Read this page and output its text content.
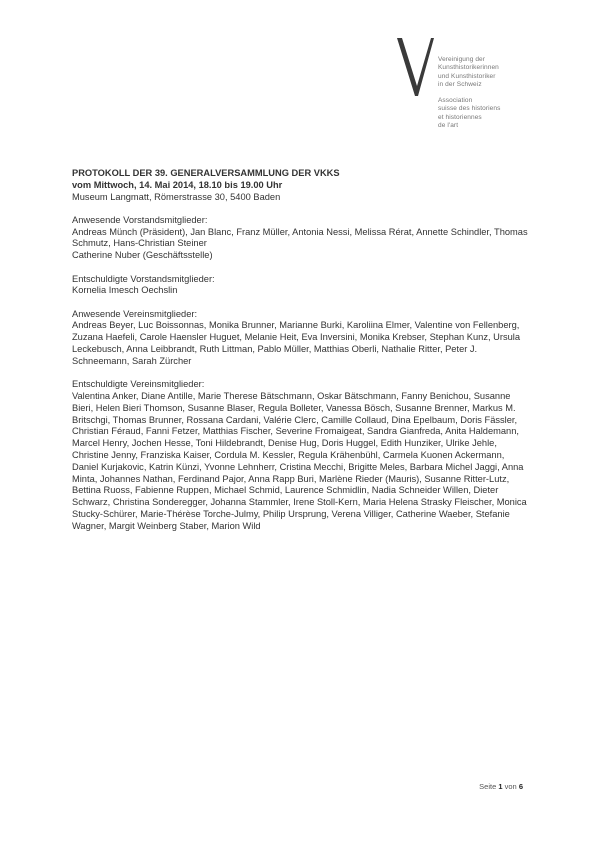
Vereinigung der
Kunsthistorikerinnen
und Kunsthistoriker
in der Schweiz
Association
suisse des historiens
et historiennes
de l'art
PROTOKOLL DER 39. GENERALVERSAMMLUNG DER VKKS
vom Mittwoch, 14. Mai 2014, 18.10 bis 19.00 Uhr
Museum Langmatt, Römerstrasse 30, 5400 Baden

Anwesende Vorstandsmitglieder:

Andreas Münch (Präsident), Jan Blanc, Franz Müller, Antonia Nessi, Melissa Rérat, Annette Schindler, Thomas Schmutz, Hans-Christian Steiner

Catherine Nuber (Geschäftsstelle)

Entschuldigte Vorstandsmitglieder:

Kornelia Imesch Oechslin

Anwesende Vereinsmitglieder:

Andreas Beyer, Luc Boissonnas, Monika Brunner, Marianne Burki, Karoliina Elmer, Valentine von Fellenberg, Zuzana Haefeli, Carole Haensler Huguet, Melanie Heit, Eva Inversini, Monika Krebser, Stephan Kunz, Ursula Leckebusch, Anna Leibbrandt, Ruth Littman, Pablo Müller, Matthias Oberli, Nathalie Ritter, Peter J. Schneemann, Sarah Zürcher

Entschuldigte Vereinsmitglieder:

Valentina Anker, Diane Antille, Marie Therese Bätschmann, Oskar Bätschmann, Fanny Benichou, Susanne Bieri, Helen Bieri Thomson, Susanne Blaser, Regula Bolleter, Vanessa Bösch, Susanne Brenner, Markus M. Britschgi, Thomas Brunner, Rossana Cardani, Valérie Clerc, Camille Collaud, Dina Epelbaum, Doris Fässler, Christian Féraud, Fanni Fetzer, Matthias Fischer, Severine Fromaigeat, Sandra Gianfreda, Anita Haldemann, Marcel Henry, Jochen Hesse, Toni Hildebrandt, Denise Hug, Doris Huggel, Edith Hunziker, Ulrike Jehle, Christine Jenny, Franziska Kaiser, Cordula M. Kessler, Regula Krähenbühl, Carmela Kuonen Ackermann, Daniel Kurjakovic, Katrin Künzi, Yvonne Lehnherr, Cristina Mecchi, Brigitte Meles, Barbara Michel Jaggi, Anna Minta, Johannes Nathan, Ferdinand Pajor, Anna Rapp Buri, Marlène Rieder (Mauris), Susanne Ritter-Lutz, Bettina Ruoss, Fabienne Ruppen, Michael Schmid, Laurence Schmidlin, Nadia Schneider Willen, Dieter Schwarz, Christina Sonderegger, Johanna Stammler, Irene Stoll-Kern, Maria Helena Strasky Fleischer, Monica Stucky-Schürer, Marie-Thérèse Torche-Julmy, Philip Ursprung, Verena Villiger, Catherine Waeber, Stefanie Wagner, Margit Weinberg Staber, Marion Wild

Seite 1 von 6
